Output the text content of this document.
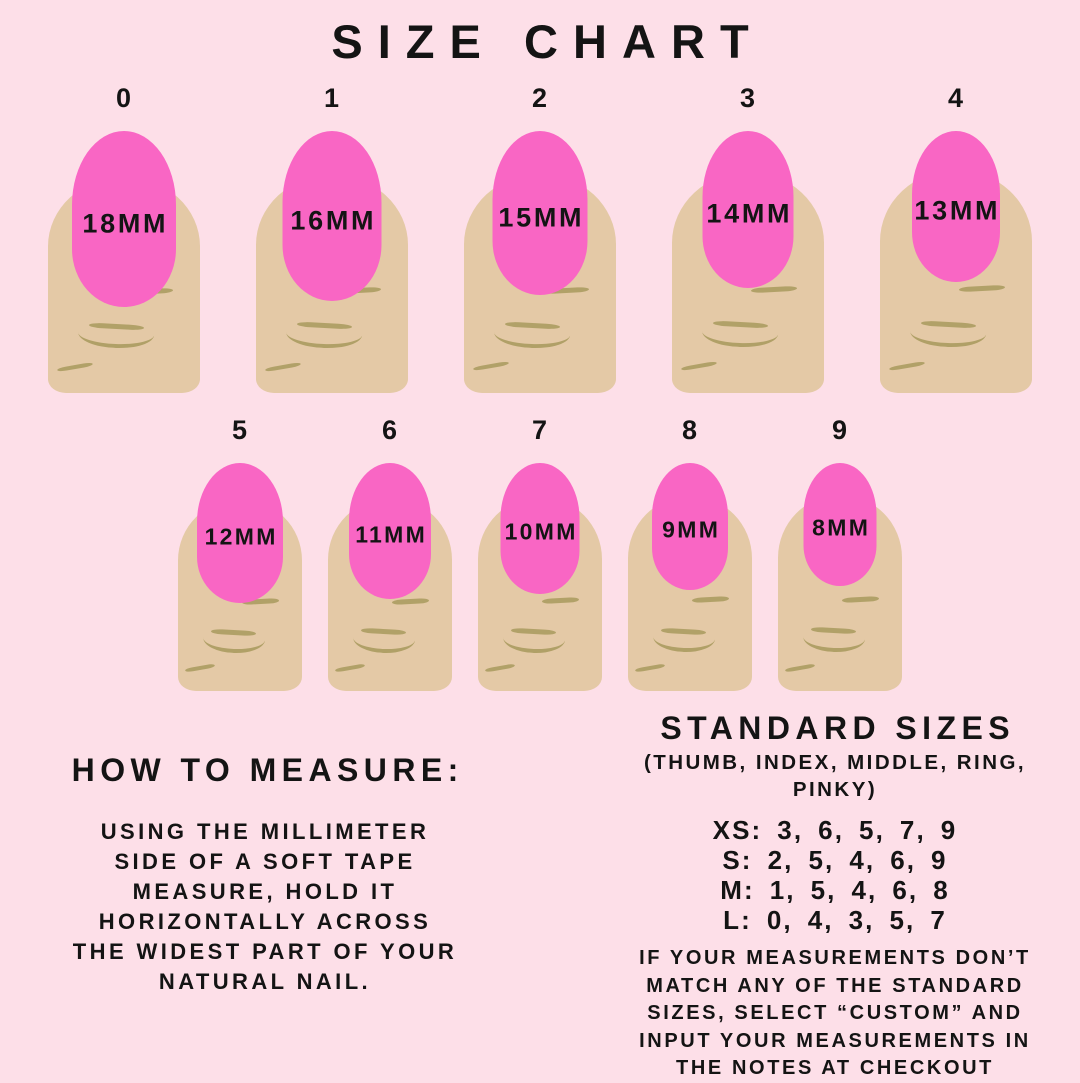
SIZE CHART
0
18MM
1
16MM
2
15MM
3
14MM
4
13MM
5
12MM
6
11MM
7
10MM
8
9MM
9
8MM
HOW TO MEASURE:
USING THE MILLIMETER
SIDE OF A SOFT TAPE
MEASURE, HOLD IT
HORIZONTALLY ACROSS
THE WIDEST PART OF YOUR
NATURAL NAIL.
STANDARD SIZES
(THUMB, INDEX, MIDDLE, RING,
PINKY)
XS: 3, 6, 5, 7, 9
S: 2, 5, 4, 6, 9
M: 1, 5, 4, 6, 8
L: 0, 4, 3, 5, 7
IF YOUR MEASUREMENTS DON’T
MATCH ANY OF THE STANDARD
SIZES, SELECT “CUSTOM” AND
INPUT YOUR MEASUREMENTS IN
THE NOTES AT CHECKOUT
